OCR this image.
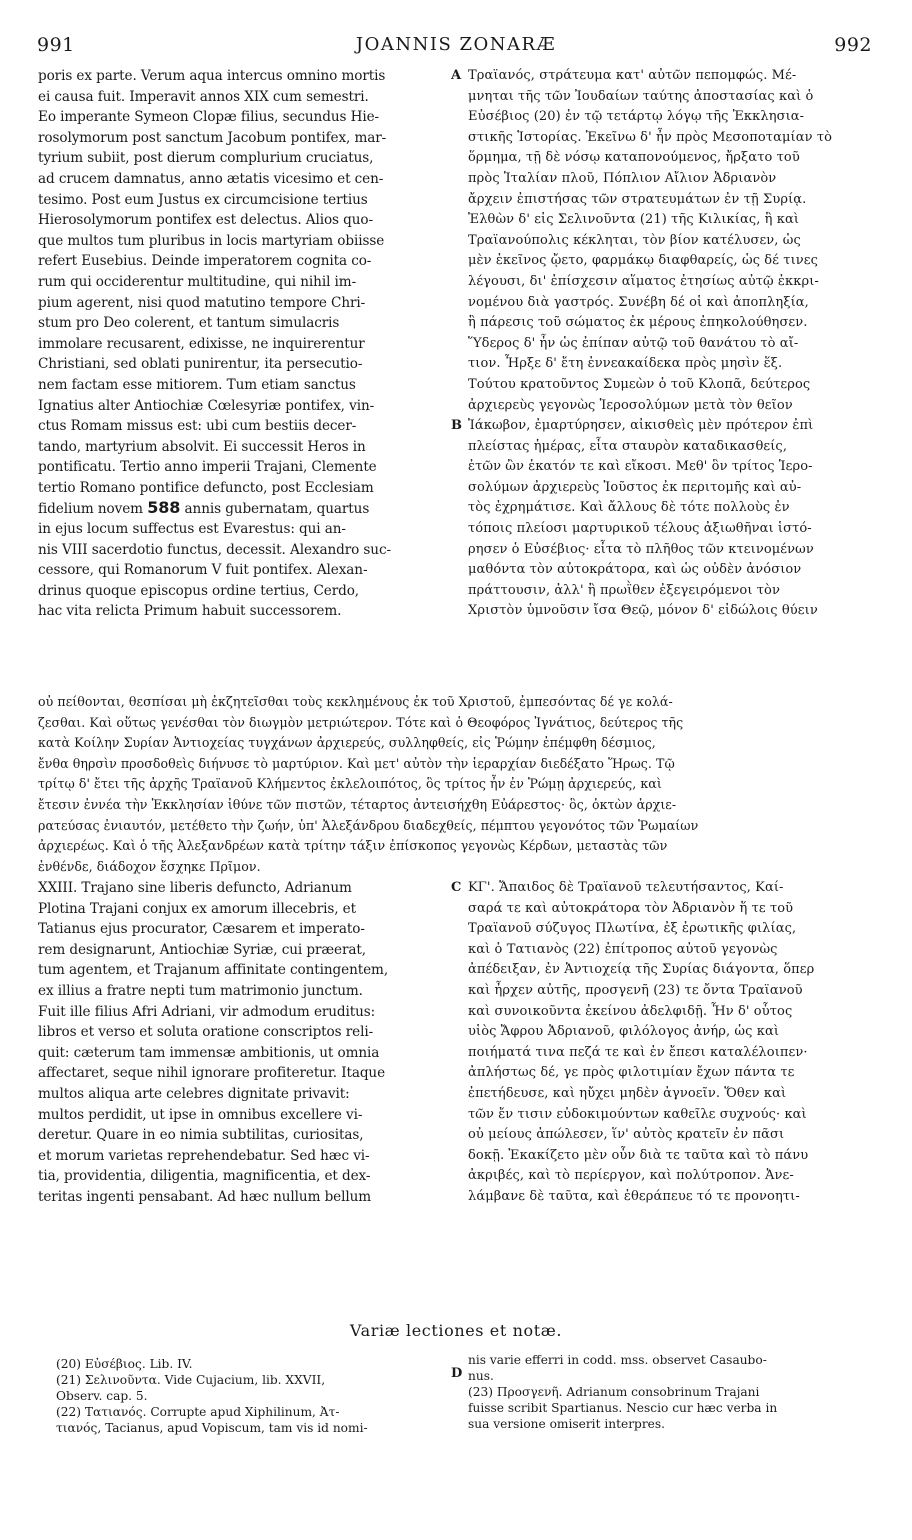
991	JOANNIS ZONARÆ	992
poris ex parte. Verum aqua intercus omnino mortis
ei causa fuit. Imperavit annos XIX cum semestri.
Eo imperante Symeon Clopæ filius, secundus Hie-
rosolymorum post sanctum Jacobum pontifex, mar-
tyrium subiit, post dierum complurium cruciatus,
ad crucem damnatus, anno ætatis vicesimo et cen-
tesimo. Post eum Justus ex circumcisione tertius
Hierosolymorum pontifex est delectus. Alios quo-
que multos tum pluribus in locis martyriam obiisse
refert Eusebius. Deinde imperatorem cognita co-
rum qui occiderentur multitudine, qui nihil im-
pium agerent, nisi quod matutino tempore Chri-
stum pro Deo colerent, et tantum simulacris
immolare recusarent, edixisse, ne inquirerentur
Christiani, sed oblati punirentur, ita persecutio-
nem factam esse mitiorem. Tum etiam sanctus
Ignatius alter Antiochiæ Cœlesyriæ pontifex, vin-
ctus Romam missus est: ubi cum bestiis decer-
tando, martyrium absolvit. Ei successit Heros in
pontificatu. Tertio anno imperii Trajani, Clemente
tertio Romano pontifice defuncto, post Ecclesiam
fidelium novem 588 annis gubernatam, quartus
in ejus locum suffectus est Evarestus: qui an-
nis VIII sacerdotio functus, decessit. Alexandro suc-
cessore, qui Romanorum V fuit pontifex. Alexan-
drinus quoque episcopus ordine tertius, Cerdo,
hac vita relicta Primum habuit successorem.
A
B
C
D
Τραϊανός, στράτευμα κατ' αὐτῶν πεπομφώς. Μέ-
μνηται τῆς τῶν Ἰουδαίων ταύτης ἀποστασίας καὶ ὁ
Εὐσέβιος (20) ἐν τῷ τετάρτῳ λόγῳ τῆς Ἐκκλησια-
στικῆς Ἱστορίας. Ἐκεῖνω δ' ἦν πρὸς Μεσοποταμίαν τὸ
ὅρμημα, τῇ δὲ νόσῳ καταπονούμενος, ἤρξατο τοῦ
πρὸς Ἰταλίαν πλοῦ, Πόπλιον Αἴλιον Ἀδριανὸν
ἄρχειν ἐπιστήσας τῶν στρατευμάτων ἐν τῇ Συρίᾳ.
Ἐλθὼν δ' εἰς Σελινοῦντα (21) τῆς Κιλικίας, ἣ καὶ
Τραϊανούπολις κέκληται, τὸν βίον κατέλυσεν, ὡς
μὲν ἐκεῖνος ᾤετο, φαρμάκῳ διαφθαρείς, ὡς δέ τινες
λέγουσι, δι' ἐπίσχεσιν αἵματος ἐτησίως αὐτῷ ἐκκρι-
νομένου διὰ γαστρός. Συνέβη δέ οἱ καὶ ἀποπληξία,
ἣ πάρεσις τοῦ σώματος ἐκ μέρους ἐπηκολούθησεν.
Ὕδερος δ' ἦν ὡς ἐπίπαν αὐτῷ τοῦ θανάτου τὸ αἴ-
τιον. Ἦρξε δ' ἔτη ἐννεακαίδεκα πρὸς μησὶν ἕξ.
Τούτου κρατοῦντος Συμεὼν ὁ τοῦ Κλοπᾶ, δεύτερος
ἀρχιερεὺς γεγονὼς Ἱεροσολύμων μετὰ τὸν θεῖον
Ἰάκωβον, ἐμαρτύρησεν, αἰκισθεὶς μὲν πρότερον ἐπὶ
πλείστας ἡμέρας, εἶτα σταυρὸν καταδικασθείς,
ἐτῶν ὢν ἑκατόν τε καὶ εἴκοσι. Μεθ' ὃν τρίτος Ἱερο-
σολύμων ἀρχιερεὺς Ἰοῦστος ἐκ περιτομῆς καὶ αὐ-
τὸς ἐχρημάτισε. Καὶ ἄλλους δὲ τότε πολλοὺς ἐν
τόποις πλείοσι μαρτυρικοῦ τέλους ἀξιωθῆναι ἱστό-
ρησεν ὁ Εὐσέβιος· εἶτα τὸ πλῆθος τῶν κτεινομένων
μαθόντα τὸν αὐτοκράτορα, καὶ ὡς οὐδὲν ἀνόσιον
πράττουσιν, ἀλλ' ἢ πρωῒθεν ἐξεγειρόμενοι τὸν
Χριστὸν ὑμνοῦσιν ἴσα Θεῷ, μόνον δ' εἰδώλοις θύειν
οὐ πείθονται, θεσπίσαι μὴ ἐκζητεῖσθαι τοὺς κεκλημένους ἐκ τοῦ Χριστοῦ, ἐμπεσόντας δέ γε κολά-
ζεσθαι. Καὶ οὕτως γενέσθαι τὸν διωγμὸν μετριώτερον. Τότε καὶ ὁ Θεοφόρος Ἰγνάτιος, δεύτερος τῆς
κατὰ Κοίλην Συρίαν Ἀντιοχείας τυγχάνων ἀρχιερεύς, συλληφθείς, εἰς Ῥώμην ἐπέμφθη δέσμιος,
ἔνθα θηρσὶν προσδοθεὶς διήνυσε τὸ μαρτύριον. Καὶ μετ' αὐτὸν τὴν ἱεραρχίαν διεδέξατο Ἥρως. Τῷ
τρίτῳ δ' ἔτει τῆς ἀρχῆς Τραϊανοῦ Κλήμεντος ἐκλελοιπότος, ὃς τρίτος ἦν ἐν Ῥώμῃ ἀρχιερεύς, καὶ
ἔτεσιν ἐννέα τὴν Ἐκκλησίαν ἰθύνε τῶν πιστῶν, τέταρτος ἀντεισήχθη Εὐάρεστος· ὃς, ὀκτὼν ἀρχιε-
ρατεύσας ἐνιαυτόν, μετέθετο τὴν ζωήν, ὑπ' Ἀλεξάνδρου διαδεχθείς, πέμπτου γεγονότος τῶν Ῥωμαίων
ἀρχιερέως. Καὶ ὁ τῆς Ἀλεξανδρέων κατὰ τρίτην τάξιν ἐπίσκοπος γεγονὼς Κέρδων, μεταστὰς τῶν
ἐνθένδε, διάδοχον ἔσχηκε Πρῖμον.
XXIII. Trajano sine liberis defuncto, Adrianum
Plotina Trajani conjux ex amorum illecebris, et
Tatianus ejus procurator, Cæsarem et imperato-
rem designarunt, Antiochiæ Syriæ, cui præerat,
tum agentem, et Trajanum affinitate contingentem,
ex illius a fratre nepti tum matrimonio junctum.
Fuit ille filius Afri Adriani, vir admodum eruditus:
libros et verso et soluta oratione conscriptos reli-
quit: cæterum tam immensæ ambitionis, ut omnia
affectaret, seque nihil ignorare profiteretur. Itaque
multos aliqua arte celebres dignitate privavit:
multos perdidit, ut ipse in omnibus excellere vi-
deretur. Quare in eo nimia subtilitas, curiositas,
et morum varietas reprehendebatur. Sed hæc vi-
tia, providentia, diligentia, magnificentia, et dex-
teritas ingenti pensabant. Ad hæc nullum bellum
ΚΓ'. Ἄπαιδος δὲ Τραϊανοῦ τελευτήσαντος, Καί-
σαρά τε καὶ αὐτοκράτορα τὸν Ἀδριανὸν ἥ τε τοῦ
Τραϊανοῦ σύζυγος Πλωτίνα, ἐξ ἐρωτικῆς φιλίας,
καὶ ὁ Τατιανὸς (22) ἐπίτροπος αὐτοῦ γεγονὼς
ἀπέδειξαν, ἐν Ἀντιοχείᾳ τῆς Συρίας διάγοντα, ὅπερ
καὶ ἦρχεν αὐτῆς, προσγενῆ (23) τε ὄντα Τραϊανοῦ
καὶ συνοικοῦντα ἐκείνου ἀδελφιδῇ. Ἦν δ' οὗτος
υἱὸς Ἄφρου Ἀδριανοῦ, φιλόλογος ἀνήρ, ὡς καὶ
ποιήματά τινα πεζά τε καὶ ἐν ἔπεσι καταλέλοιπεν·
ἀπλήστως δέ, γε πρὸς φιλοτιμίαν ἔχων πάντα τε
ἐπετήδευσε, καὶ ηὔχει μηδὲν ἀγνοεῖν. Ὅθεν καὶ
τῶν ἔν τισιν εὐδοκιμούντων καθεῖλε συχνούς· καὶ
οὐ μείους ἀπώλεσεν, ἵν' αὐτὸς κρατεῖν ἐν πᾶσι
δοκῇ. Ἐκακίζετο μὲν οὖν διὰ τε ταῦτα καὶ τὸ πάνυ
ἀκριβές, καὶ τὸ περίεργον, καὶ πολύτροπον. Ἀνε-
λάμβανε δὲ ταῦτα, καὶ ἐθεράπευε τό τε προνοητι-
Variæ lectiones et notæ.
(20) Εὐσέβιος. Lib. IV.
(21) Σελινοῦντα. Vide Cujacium, lib. XXVII,
Observ. cap. 5.
(22) Τατιανός. Corrupte apud Xiphilinum, Ἀτ-
τιανός, Tacianus, apud Vopiscum, tam vis id nomi-
nis varie efferri in codd. mss. observet Casaubo-
nus.
(23) Προσγενῆ. Adrianum consobrinum Trajani
fuisse scribit Spartianus. Nescio cur hæc verba in
sua versione omiserit interpres.
